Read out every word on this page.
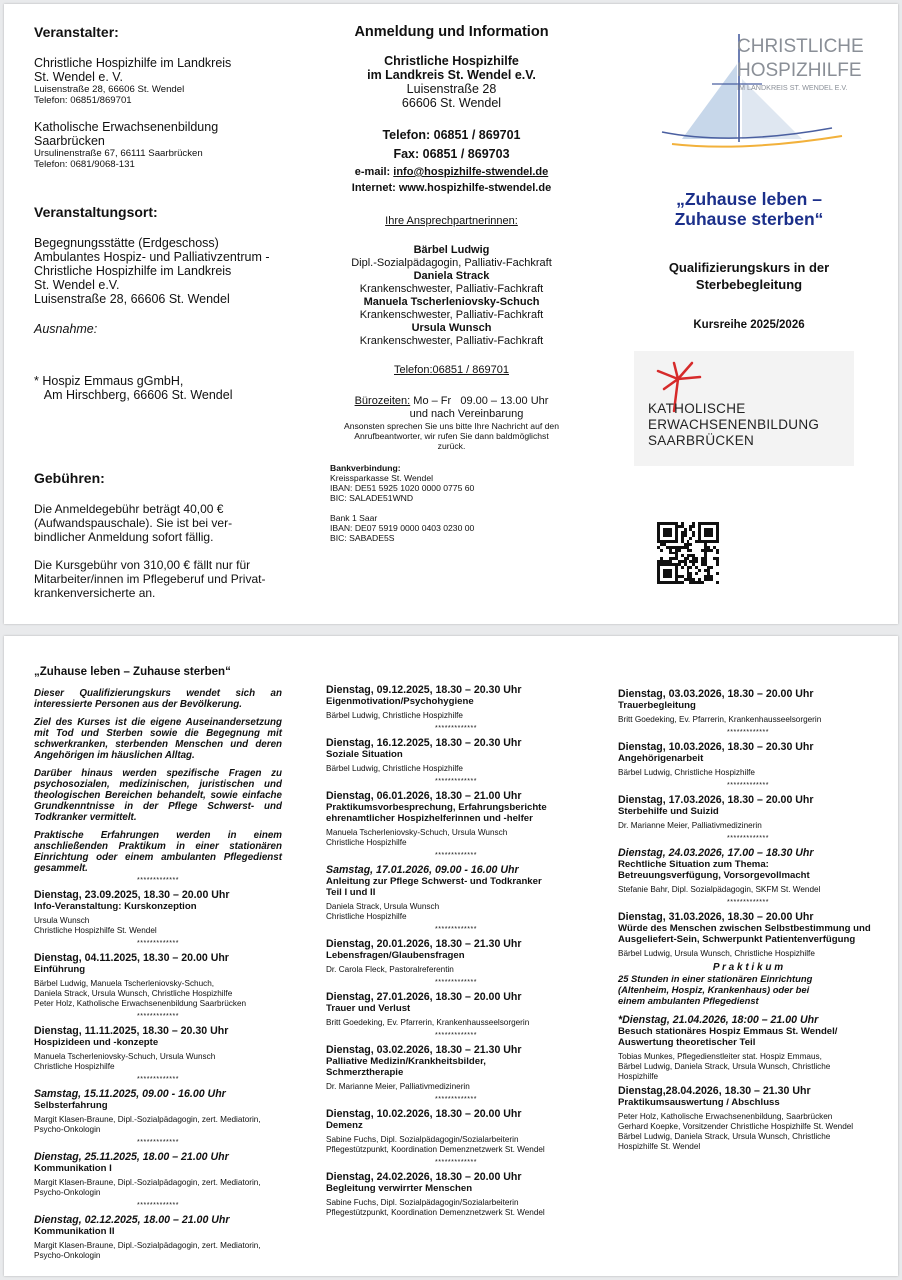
Veranstalter:
Christliche Hospizhilfe im Landkreis
St. Wendel e. V.
Luisenstraße 28, 66606 St. Wendel
Telefon: 06851/869701
Katholische Erwachsenenbildung
Saarbrücken
Ursulinenstraße 67, 66111 Saarbrücken
Telefon: 0681/9068-131
Veranstaltungsort:
Begegnungsstätte (Erdgeschoss)
Ambulantes Hospiz- und Palliativzentrum -
Christliche Hospizhilfe im Landkreis
St. Wendel e.V.
Luisenstraße 28, 66606 St. Wendel
Ausnahme:

* Hospiz Emmaus gGmbH,
Am Hirschberg, 66606 St. Wendel

Gebühren:
Die Anmeldegebühr beträgt 40,00 €
(Aufwandspauschale). Sie ist bei ver-
bindlicher Anmeldung sofort fällig.
Die Kursgebühr von 310,00 € fällt nur für
Mitarbeiter/innen im Pflegeberuf und Privat-
krankenversicherte an.
Anmeldung und Information
Christliche Hospizhilfe
im Landkreis St. Wendel e.V.
Luisenstraße 28
66606 St. Wendel
Telefon: 06851 / 869701
Fax: 06851 / 869703
e-mail: info@hospizhilfe-stwendel.de
Internet: www.hospizhilfe-stwendel.de
Ihre Ansprechpartnerinnen:
Bärbel Ludwig
Dipl.-Sozialpädagogin, Palliativ-Fachkraft
Daniela Strack
Krankenschwester, Palliativ-Fachkraft
Manuela Tscherleniovsky-Schuch
Krankenschwester, Palliativ-Fachkraft
Ursula Wunsch
Krankenschwester, Palliativ-Fachkraft
Telefon:06851 / 869701
Bürozeiten: Mo – Fr   09.00 – 13.00 Uhr
und nach Vereinbarung
Ansonsten sprechen Sie uns bitte Ihre Nachricht auf den
Anrufbeantworter, wir rufen Sie dann baldmöglichst
zurück.
Bankverbindung:
Kreissparkasse St. Wendel
IBAN: DE51 5925 1020 0000 0775 60
BIC: SALADE51WND
Bank 1 Saar
IBAN: DE07 5919 0000 0403 0230 00
BIC: SABADE5S
CHRISTLICHE
HOSPIZHILFE
IM LANDKREIS ST. WENDEL E.V.
„Zuhause leben –
Zuhause sterben“
Qualifizierungskurs in der
Sterbebegleitung
Kursreihe 2025/2026
KATHOLISCHE
ERWACHSENENBILDUNG
SAARBRÜCKEN
„Zuhause leben – Zuhause sterben“

Dieser Qualifizierungskurs wendet sich an interessierte Personen aus der Bevölkerung.

Ziel des Kurses ist die eigene Auseinandersetzung mit Tod und Sterben sowie die Begegnung mit schwerkranken, sterbenden Menschen und deren Angehörigen im häuslichen Alltag.

Darüber hinaus werden spezifische Fragen zu psychosozialen, medizinischen, juristischen und theologischen Bereichen behandelt, sowie einfache Grundkenntnisse in der Pflege Schwerst- und Todkranker vermittelt.

Praktische Erfahrungen werden in einem anschließenden Praktikum in einer stationären Einrichtung oder einem ambulanten Pflegedienst gesammelt.

*************
Dienstag, 23.09.2025, 18.30 – 20.00 Uhr
Info-Veranstaltung: Kurskonzeption
Ursula Wunsch
Christliche Hospizhilfe St. Wendel
*************
Dienstag, 04.11.2025, 18.30 – 20.00 Uhr
Einführung
Bärbel Ludwig, Manuela Tscherleniovsky-Schuch,
Daniela Strack, Ursula Wunsch, Christliche Hospizhilfe
Peter Holz, Katholische Erwachsenenbildung Saarbrücken
*************
Dienstag, 11.11.2025, 18.30 – 20.30 Uhr
Hospizideen und -konzepte
Manuela Tscherleniovsky-Schuch, Ursula Wunsch
Christliche Hospizhilfe
*************
Samstag, 15.11.2025, 09.00 - 16.00 Uhr
Selbsterfahrung
Margit Klasen-Braune, Dipl.-Sozialpädagogin, zert. Mediatorin,
Psycho-Onkologin
*************
Dienstag, 25.11.2025, 18.00 – 21.00 Uhr
Kommunikation I
Margit Klasen-Braune, Dipl.-Sozialpädagogin, zert. Mediatorin,
Psycho-Onkologin
*************
Dienstag, 02.12.2025, 18.00 – 21.00 Uhr
Kommunikation II
Margit Klasen-Braune, Dipl.-Sozialpädagogin, zert. Mediatorin,
Psycho-Onkologin
Dienstag, 09.12.2025, 18.30 – 20.30 Uhr
Eigenmotivation/Psychohygiene
Bärbel Ludwig, Christliche Hospizhilfe
*************
Dienstag, 16.12.2025, 18.30 – 20.30 Uhr
Soziale Situation
Bärbel Ludwig, Christliche Hospizhilfe
*************
Dienstag, 06.01.2026, 18.30 – 21.00 Uhr
Praktikumsvorbesprechung, Erfahrungsberichte
ehrenamtlicher Hospizhelferinnen und -helfer
Manuela Tscherleniovsky-Schuch, Ursula Wunsch
Christliche Hospizhilfe
*************
Samstag, 17.01.2026, 09.00 - 16.00 Uhr
Anleitung zur Pflege Schwerst- und Todkranker
Teil I und II
Daniela Strack, Ursula Wunsch
Christliche Hospizhilfe
*************
Dienstag, 20.01.2026, 18.30 – 21.30 Uhr
Lebensfragen/Glaubensfragen
Dr. Carola Fleck, Pastoralreferentin
*************
Dienstag, 27.01.2026, 18.30 – 20.00 Uhr
Trauer und Verlust
Britt Goedeking, Ev. Pfarrerin, Krankenhausseelsorgerin
*************
Dienstag, 03.02.2026, 18.30 – 21.30 Uhr
Palliative Medizin/Krankheitsbilder,
Schmerztherapie
Dr. Marianne Meier, Palliativmedizinerin
*************
Dienstag, 10.02.2026, 18.30 – 20.00 Uhr
Demenz
Sabine Fuchs, Dipl. Sozialpädagogin/Sozialarbeiterin
Pflegestützpunkt, Koordination Demenznetzwerk St. Wendel
*************
Dienstag, 24.02.2026, 18.30 – 20.00 Uhr
Begleitung verwirrter Menschen
Sabine Fuchs, Dipl. Sozialpädagogin/Sozialarbeiterin
Pflegestützpunkt, Koordination Demenznetzwerk St. Wendel
Dienstag, 03.03.2026, 18.30 – 20.00 Uhr
Trauerbegleitung
Britt Goedeking, Ev. Pfarrerin, Krankenhausseelsorgerin
*************
Dienstag, 10.03.2026, 18.30 – 20.30 Uhr
Angehörigenarbeit
Bärbel Ludwig, Christliche Hospizhilfe
*************
Dienstag, 17.03.2026, 18.30 – 20.00 Uhr
Sterbehilfe und Suizid
Dr. Marianne Meier, Palliativmedizinerin
*************
Dienstag, 24.03.2026, 17.00 – 18.30 Uhr
Rechtliche Situation zum Thema:
Betreuungsverfügung, Vorsorgevollmacht
Stefanie Bahr, Dipl. Sozialpädagogin, SKFM St. Wendel
*************
Dienstag, 31.03.2026, 18.30 – 20.00 Uhr
Würde des Menschen zwischen Selbstbestimmung und
Ausgeliefert-Sein, Schwerpunkt Patientenverfügung
Bärbel Ludwig, Ursula Wunsch, Christliche Hospizhilfe
P r a k t i k u m
25 Stunden in einer stationären Einrichtung
(Altenheim, Hospiz, Krankenhaus) oder bei
einem ambulanten Pflegedienst
*Dienstag, 21.04.2026, 18:00 – 21.00 Uhr
Besuch stationäres Hospiz Emmaus St. Wendel/
Auswertung theoretischer Teil
Tobias Munkes, Pflegedienstleiter stat. Hospiz Emmaus,
Bärbel Ludwig, Daniela Strack, Ursula Wunsch, Christliche
Hospizhilfe
Dienstag,28.04.2026, 18.30 – 21.30 Uhr
Praktikumsauswertung / Abschluss
Peter Holz, Katholische Erwachsenenbildung, Saarbrücken
Gerhard Koepke, Vorsitzender Christliche Hospizhilfe St. Wendel
Bärbel Ludwig, Daniela Strack, Ursula Wunsch, Christliche
Hospizhilfe St. Wendel
